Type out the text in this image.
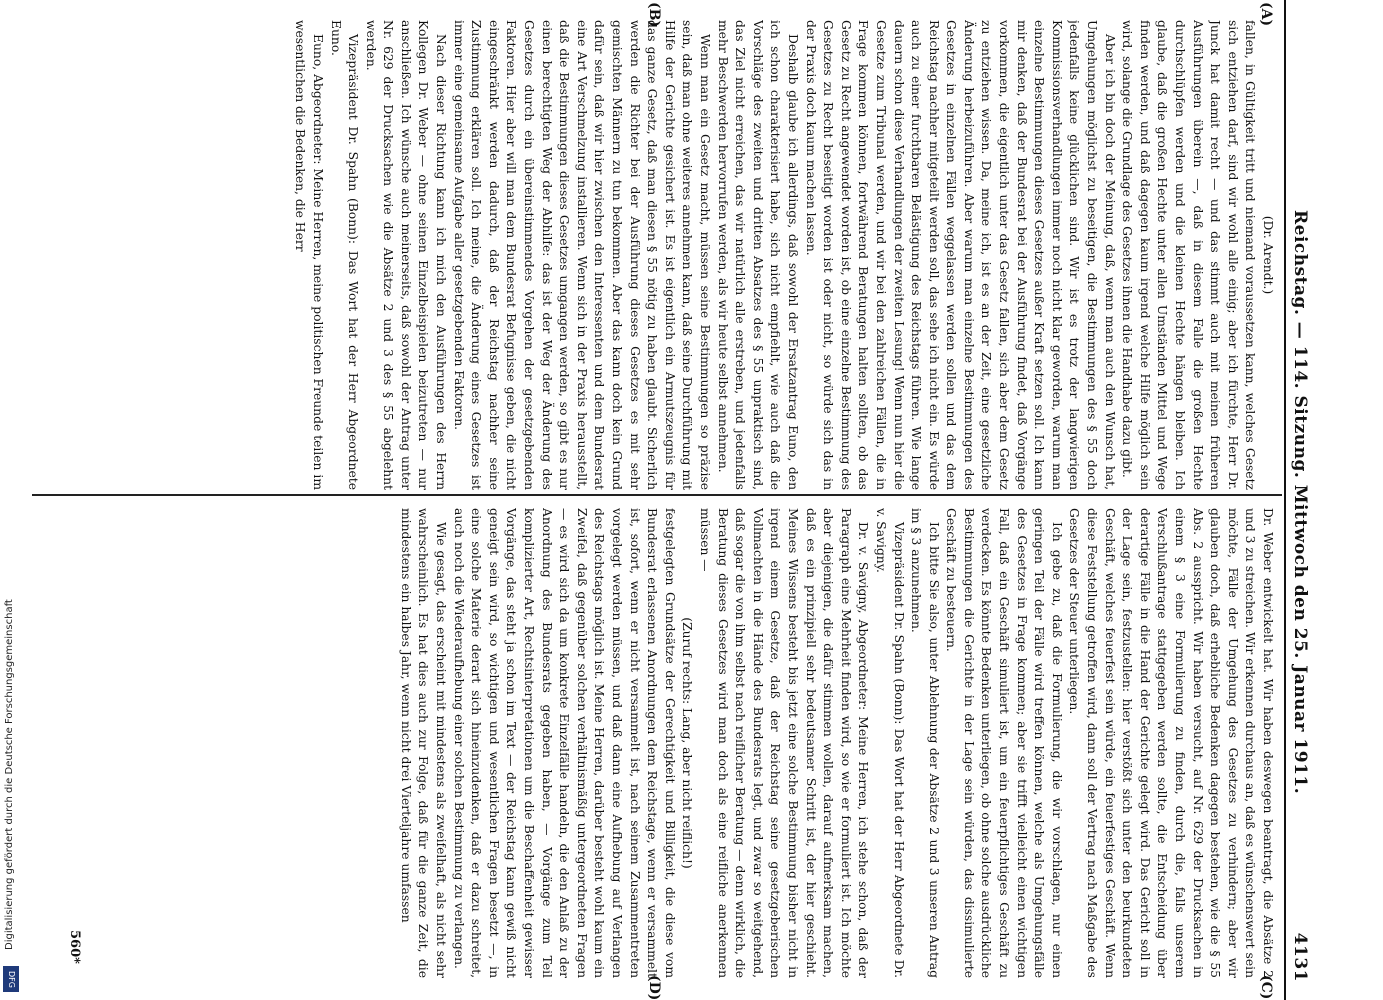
Reichstag. — 114. Sitzung. Mittwoch den 25. Januar 1911.
4131
(A)
(B)
(C)
(D)

(Dr. Arendt.)

fallen, in Gültigkeit tritt und niemand voraussetzen kann, welches Gesetz sich entziehen darf, sind wir wohl alle einig; aber ich fürchte, Herr Dr. Junck hat damit recht — und das stimmt auch mit meinen früheren Ausführungen überein —, daß in diesem Falle die großen Hechte durchschlüpfen werden und die kleinen Hechte hängen bleiben. Ich glaube, daß die großen Hechte unter allen Umständen Mittel und Wege finden werden, und daß dagegen kaum irgend welche Hilfe möglich sein wird, solange die Grundlage des Gesetzes ihnen die Handhabe dazu gibt.

Aber ich bin doch der Meinung, daß, wenn man auch den Wunsch hat, Umgehungen möglichst zu beseitigen, die Bestimmungen des § 55 doch jedenfalls keine glücklichen sind. Wir ist es trotz der langwierigen Kommissionsverhandlungen immer noch nicht klar geworden, warum man einzelne Bestimmungen dieses Gesetzes außer Kraft setzen soll. Ich kann mir denken, daß der Bundesrat bei der Ausführung findet, daß Vorgänge vorkommen, die eigentlich unter das Gesetz fallen, sich aber dem Gesetz zu entziehen wissen. Da, meine ich, ist es an der Zeit, eine gesetzliche Änderung herbeizuführen. Aber warum man einzelne Bestimmungen des Gesetzes in einzelnen Fällen weggelassen werden sollen und das dem Reichstag nachher mitgeteilt werden soll, das sehe ich nicht ein. Es würde auch zu einer furchtbaren Belästigung des Reichstags führen. Wie lange dauern schon diese Verhandlungen der zweiten Lesung! Wenn nun hier die Gesetze zum Tribunal werden, und wir bei den zahlreichen Fällen, die in Frage kommen können, fortwährend Beratungen halten sollten, ob das Gesetz zu Recht angewendet worden ist, ob eine einzelne Bestimmung des Gesetzes zu Recht beseitigt worden ist oder nicht, so würde sich das in der Praxis doch kaum machen lassen.

Deshalb glaube ich allerdings, daß sowohl der Ersatzantrag Euno, den ich schon charakterisiert habe, sich nicht empfiehlt, wie auch daß die Vorschläge des zweiten und dritten Absatzes des § 55 unpraktisch sind, das Ziel nicht erreichen, das wir natürlich alle erstreben, und jedenfalls mehr Beschwerden hervorrufen werden, als wir heute selbst annehmen.

Wenn man ein Gesetz macht, müssen seine Bestimmungen so präzise sein, daß man ohne weiteres annehmen kann, daß seine Durchführung mit Hilfe der Gerichte gesichert ist. Es ist eigentlich ein Armutszeugnis für das ganze Gesetz, daß man diesen § 55 nötig zu haben glaubt. Sicherlich werden die Richter bei der Ausführung dieses Gesetzes es mit sehr gemischten Männern zu tun bekommen. Aber das kann doch kein Grund dafür sein, daß wir hier zwischen den Interessenten und dem Bundesrat eine Art Verschmelzung installieren. Wenn sich in der Praxis herausstellt, daß die Bestimmungen dieses Gesetzes umgangen werden, so gibt es nur einen berechtigten Weg der Abhilfe: das ist der Weg der Änderung des Gesetzes durch ein übereinstimmendes Vorgehen der gesetzgebenden Faktoren. Hier aber will man dem Bundesrat Befugnisse geben, die nicht eingeschränkt werden dadurch, daß der Reichstag nachher seine Zustimmung erklären soll. Ich meine, die Änderung eines Gesetzes ist immer eine gemeinsame Aufgabe aller gesetzgebenden Faktoren.

Nach dieser Richtung kann ich mich den Ausführungen des Herrn Kollegen Dr. Weber — ohne seinen Einzelbeispielen beizutreten — nur anschließen. Ich wünsche auch meinerseits, daß sowohl der Antrag unter Nr. 629 der Drucksachen wie die Absätze 2 und 3 des § 55 abgelehnt werden.

Vizepräsident Dr. Spahn (Bonn): Das Wort hat der Herr Abgeordnete Euno.

Euno, Abgeordneter: Meine Herren, meine politischen Freunde teilen im wesentlichen die Bedenken, die Herr

Dr. Weber entwickelt hat. Wir haben deswegen beantragt, die Absätze 2 und 3 zu streichen. Wir erkennen durchaus an, daß es wünschenswert sein möchte, Fälle der Umgehung des Gesetzes zu verhindern; aber wir glauben doch, daß erhebliche Bedenken dagegen bestehen, wie die § 55 Abs. 2 ausspricht. Wir haben versucht, auf Nr. 629 der Drucksachen in einem § 3 eine Formulierung zu finden, durch die, falls unserem Verschlußantrage stattgegeben werden sollte, die Entscheidung über derartige Fälle in die Hand der Gerichte gelegt wird. Das Gericht soll in der Lage sein, festzustellen: hier verstößt sich unter den beurkundeten Geschäft, welches feuerfest sein würde, ein feuerfestiges Geschäft. Wenn diese Feststellung getroffen wird, dann soll der Vertrag nach Maßgabe des Gesetzes der Steuer unterliegen.

Ich gebe zu, daß die Formulierung, die wir vorschlagen, nur einen geringen Teil der Fälle wird treffen können, welche als Umgehungsfälle des Gesetzes in Frage kommen; aber sie trifft vielleicht einen wichtigen Fall, daß ein Geschäft simuliert ist, um ein feuerpflichtiges Geschäft zu verdecken. Es könnte Bedenken unterliegen, ob ohne solche ausdrückliche Bestimmungen die Gerichte in der Lage sein würden, das dissimulierte Geschäft zu besteuern.

Ich bitte Sie also, unter Ablehnung der Absätze 2 und 3 unseren Antrag im § 3 anzunehmen.

Vizepräsident Dr. Spahn (Bonn): Das Wort hat der Herr Abgeordnete Dr. v. Savigny.

Dr. v. Savigny, Abgeordneter: Meine Herren, ich stehe schon, daß der Paragraph eine Mehrheit finden wird, so wie er formuliert ist. Ich möchte aber diejenigen, die dafür stimmen wollen, darauf aufmerksam machen, daß es ein prinzipiell sehr bedeutsamer Schritt ist, der hier geschieht. Meines Wissens besteht bis jetzt eine solche Bestimmung bisher nicht in irgend einem Gesetze, daß der Reichstag seine gesetzgeberischen Vollmachten in die Hände des Bundesrats legt, und zwar so weitgehend, daß sogar die von ihm selbst nach reiflicher Beratung — denn wirklich, die Beratung dieses Gesetzes wird man doch als eine reifliche anerkennen müssen —

(Zuruf rechts: Lang, aber nicht reiflich!)

festgelegten Grundsätze der Gerechtigkeit und Billigkeit, die diese vom Bundesrat erlassenen Anordnungen dem Reichstage, wenn er versammelt ist, sofort, wenn er nicht versammelt ist, nach seinem Zusammentreten vorgelegt werden müssen, und daß dann eine Aufhebung auf Verlangen des Reichstags möglich ist. Meine Herren, darüber besteht wohl kaum ein Zweifel, daß gegenüber solchen verhältnismäßig untergeordneten Fragen — es wird sich da um konkrete Einzelfälle handeln, die den Anlaß zu der Anordnung des Bundesrats gegeben haben, — Vorgänge zum Teil komplizierter Art, Rechtsinterpretationen um die Beschaffenheit gewisser Vorgänge, das steht ja schon im Text — der Reichstag kann gewiß nicht geneigt sein wird, so wichtigen und wesentlichen Fragen besetzt —, in eine solche Materie derart sich hineinzudenken, daß er dazu schreitet, auch noch die Wiederaufhebung einer solchen Bestimmung zu verlangen.

Wie gesagt, das erscheint mit mindestens als zweifelhaft, als nicht sehr wahrscheinlich. Es hat dies auch zur Folge, daß für die ganze Zeit, die mindestens ein halbes Jahr, wenn nicht drei Vierteljahre umfassen

560*
Digitalisierung gefördert durch die Deutsche Forschungsgemeinschaft
DFG
